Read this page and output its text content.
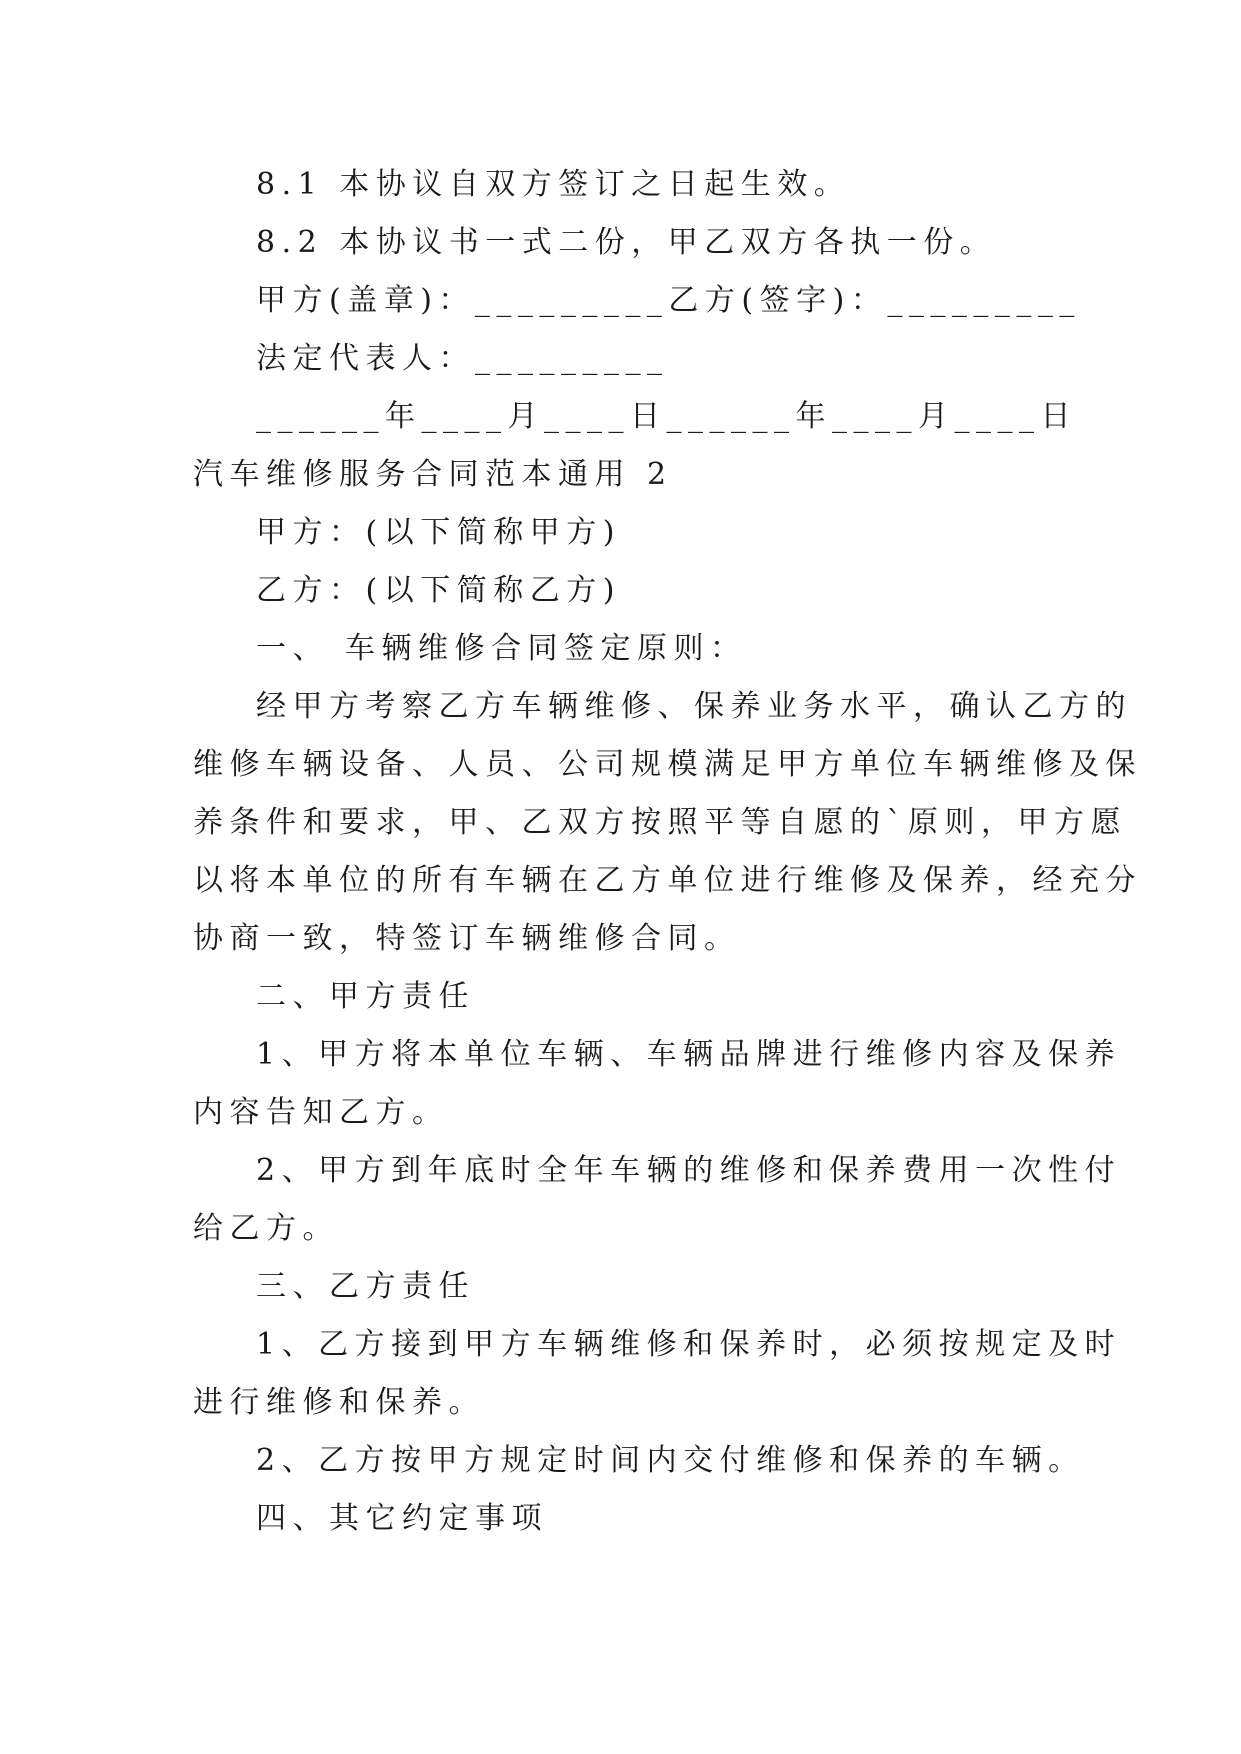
8.1 本协议自双方签订之日起生效。
8.2 本协议书一式二份，甲乙双方各执一份。
甲方(盖章)：_________乙方(签字)：_________
法定代表人：_________
______年____月____日______年____月____日
汽车维修服务合同范本通用 2
甲方：(以下简称甲方)
乙方：(以下简称乙方)
一、 车辆维修合同签定原则：
经甲方考察乙方车辆维修、保养业务水平，确认乙方的
维修车辆设备、人员、公司规模满足甲方单位车辆维修及保
养条件和要求，甲、乙双方按照平等自愿的`原则，甲方愿
以将本单位的所有车辆在乙方单位进行维修及保养，经充分
协商一致，特签订车辆维修合同。
二、甲方责任
1、甲方将本单位车辆、车辆品牌进行维修内容及保养
内容告知乙方。
2、甲方到年底时全年车辆的维修和保养费用一次性付
给乙方。
三、乙方责任
1、乙方接到甲方车辆维修和保养时，必须按规定及时
进行维修和保养。
2、乙方按甲方规定时间内交付维修和保养的车辆。
四、其它约定事项
